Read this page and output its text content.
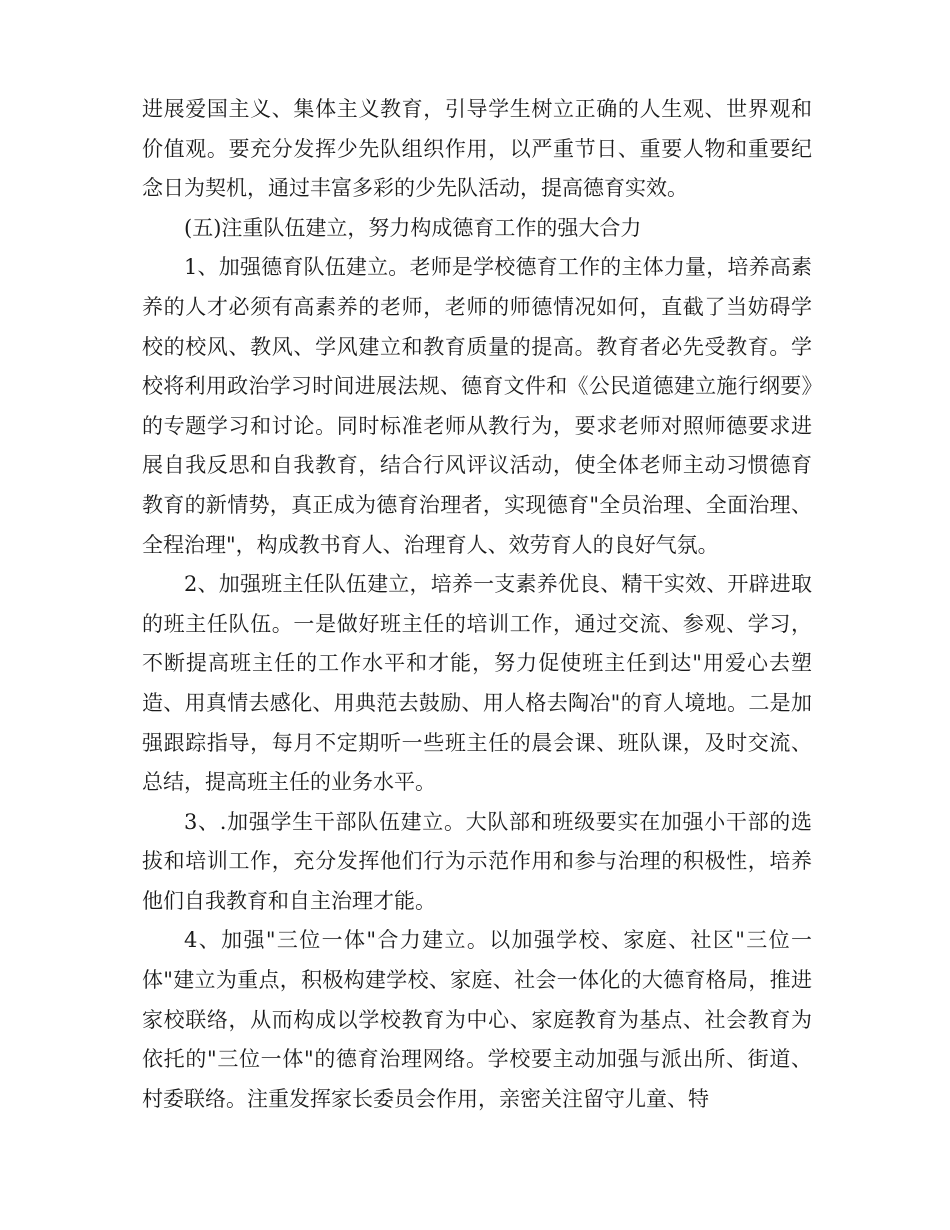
进展爱国主义、集体主义教育，引导学生树立正确的人生观、世界观和价值观。要充分发挥少先队组织作用，以严重节日、重要人物和重要纪念日为契机，通过丰富多彩的少先队活动，提高德育实效。

(五)注重队伍建立，努力构成德育工作的强大合力

1、加强德育队伍建立。老师是学校德育工作的主体力量，培养高素养的人才必须有高素养的老师，老师的师德情况如何，直截了当妨碍学校的校风、教风、学风建立和教育质量的提高。教育者必先受教育。学校将利用政治学习时间进展法规、德育文件和《公民道德建立施行纲要》的专题学习和讨论。同时标准老师从教行为，要求老师对照师德要求进展自我反思和自我教育，结合行风评议活动，使全体老师主动习惯德育教育的新情势，真正成为德育治理者，实现德育"全员治理、全面治理、全程治理"，构成教书育人、治理育人、效劳育人的良好气氛。

2、加强班主任队伍建立，培养一支素养优良、精干实效、开辟进取的班主任队伍。一是做好班主任的培训工作，通过交流、参观、学习，不断提高班主任的工作水平和才能，努力促使班主任到达"用爱心去塑造、用真情去感化、用典范去鼓励、用人格去陶冶"的育人境地。二是加强跟踪指导，每月不定期听一些班主任的晨会课、班队课，及时交流、总结，提高班主任的业务水平。

3、.加强学生干部队伍建立。大队部和班级要实在加强小干部的选拔和培训工作，充分发挥他们行为示范作用和参与治理的积极性，培养他们自我教育和自主治理才能。

4、加强"三位一体"合力建立。以加强学校、家庭、社区"三位一体"建立为重点，积极构建学校、家庭、社会一体化的大德育格局，推进家校联络，从而构成以学校教育为中心、家庭教育为基点、社会教育为依托的"三位一体"的德育治理网络。学校要主动加强与派出所、街道、村委联络。注重发挥家长委员会作用，亲密关注留守儿童、特
